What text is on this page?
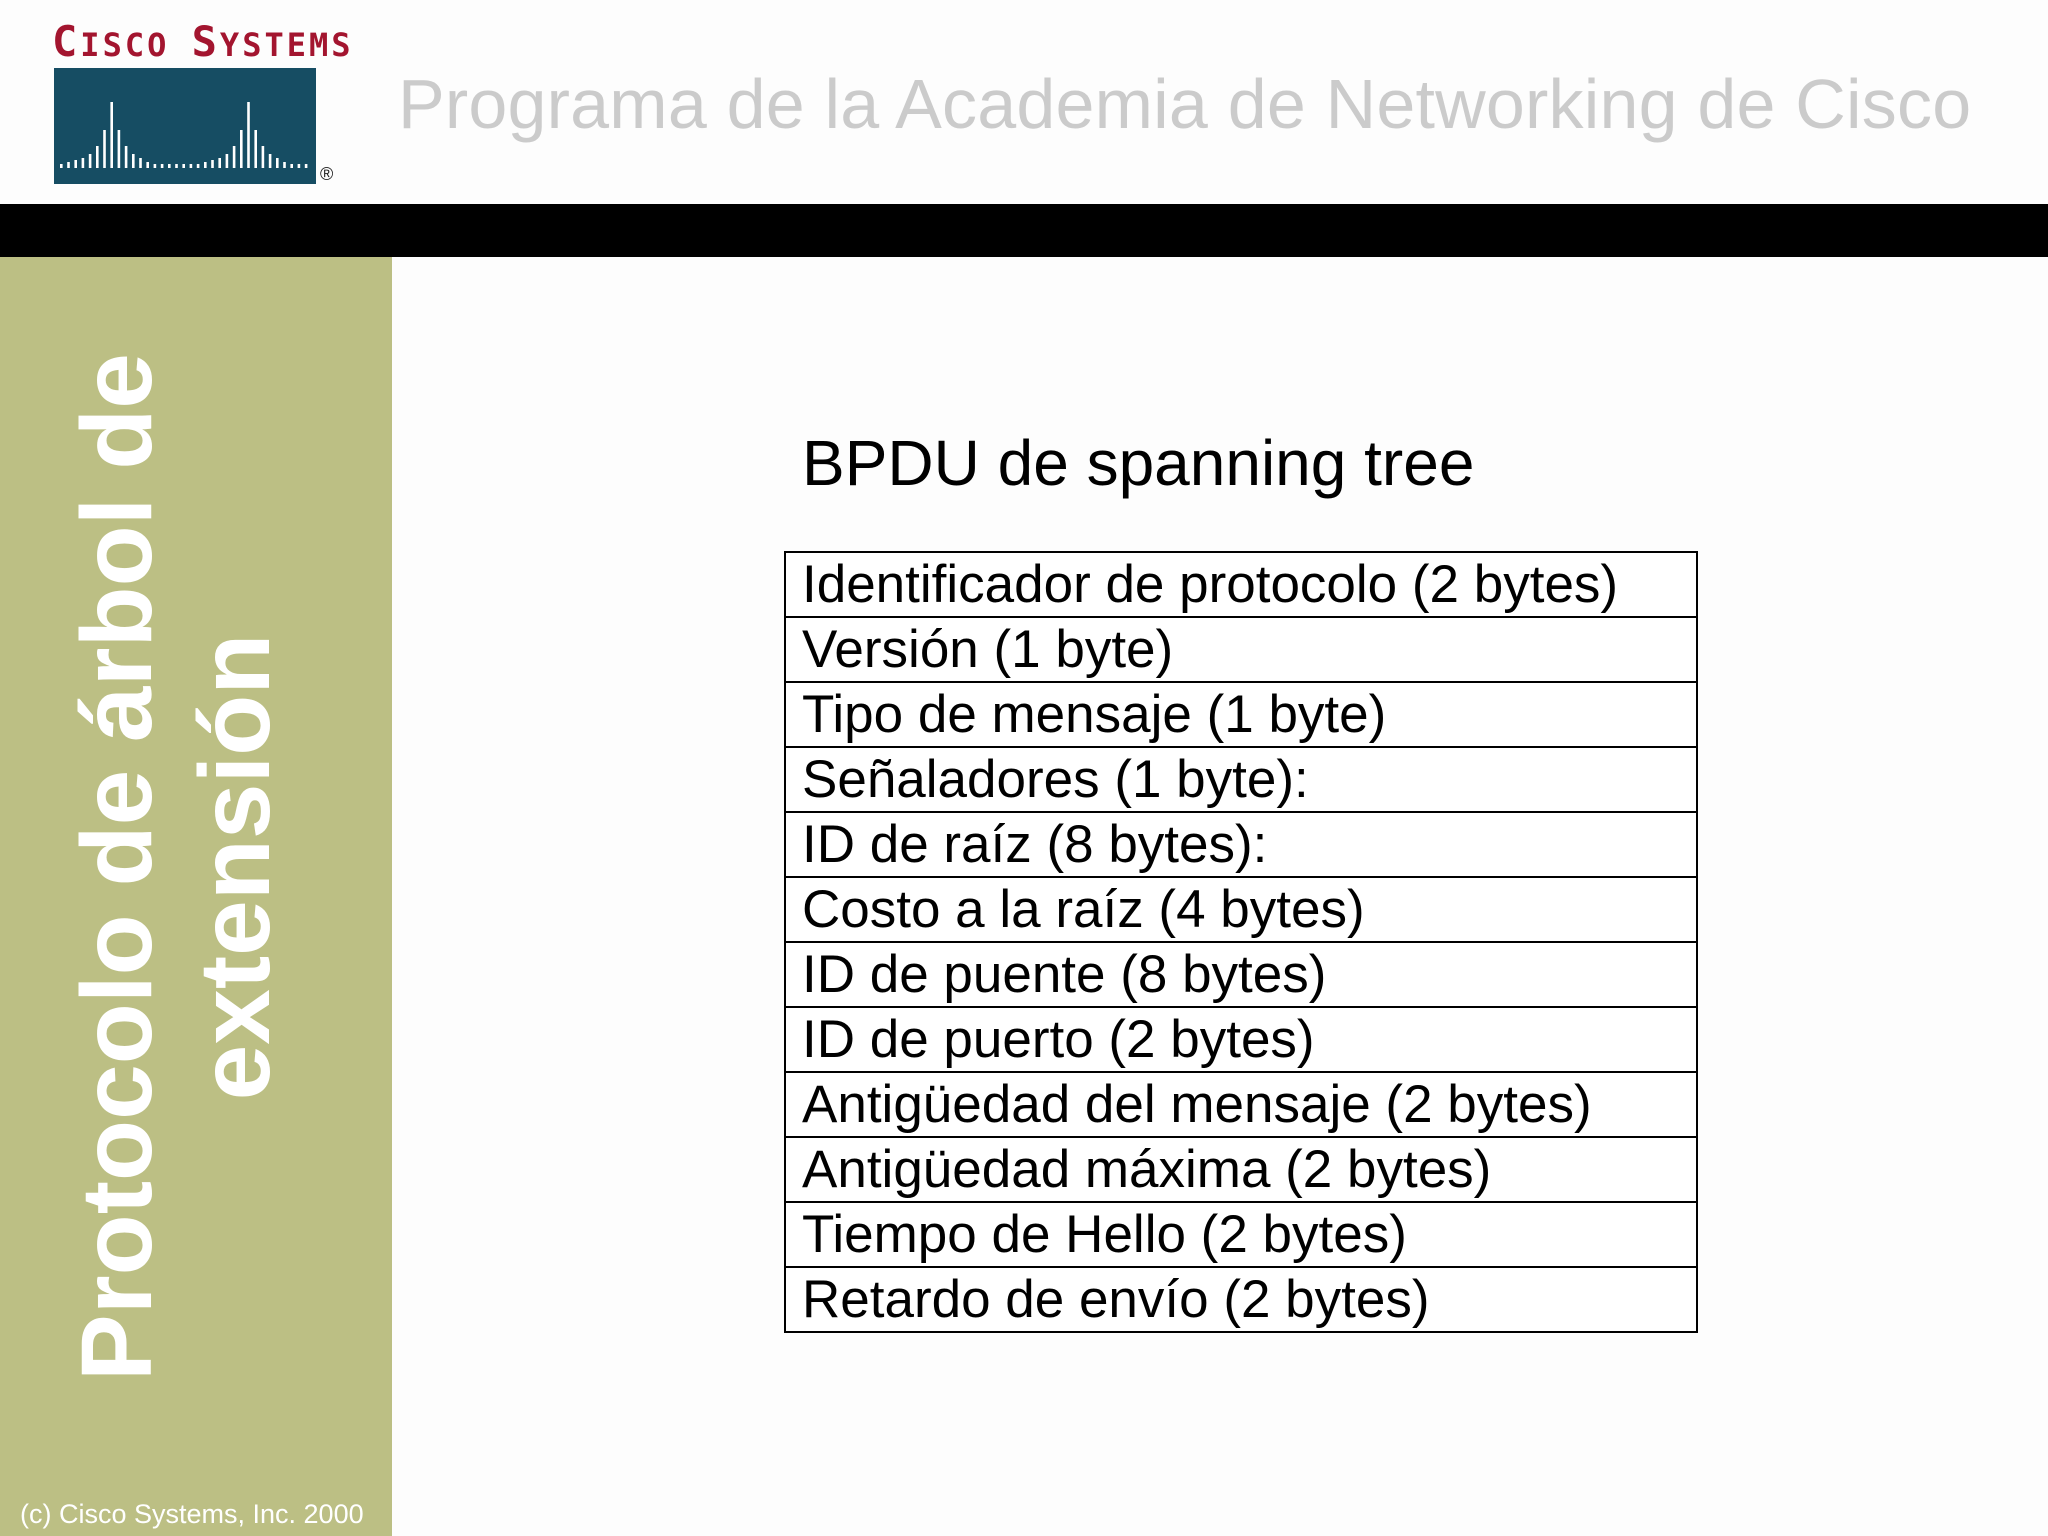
CISCO SYSTEMS
®
Programa de la Academia de Networking de Cisco
Protocolo de árbol de extensión
(c) Cisco Systems, Inc. 2000
BPDU de spanning tree
Identificador de protocolo (2 bytes)
Versión (1 byte)
Tipo de mensaje (1 byte)
Señaladores (1 byte):
ID de raíz (8 bytes):
Costo a la raíz (4 bytes)
ID de puente (8 bytes)
ID de puerto (2 bytes)
Antigüedad del mensaje (2 bytes)
Antigüedad máxima (2 bytes)
Tiempo de Hello (2 bytes)
Retardo de envío (2 bytes)
